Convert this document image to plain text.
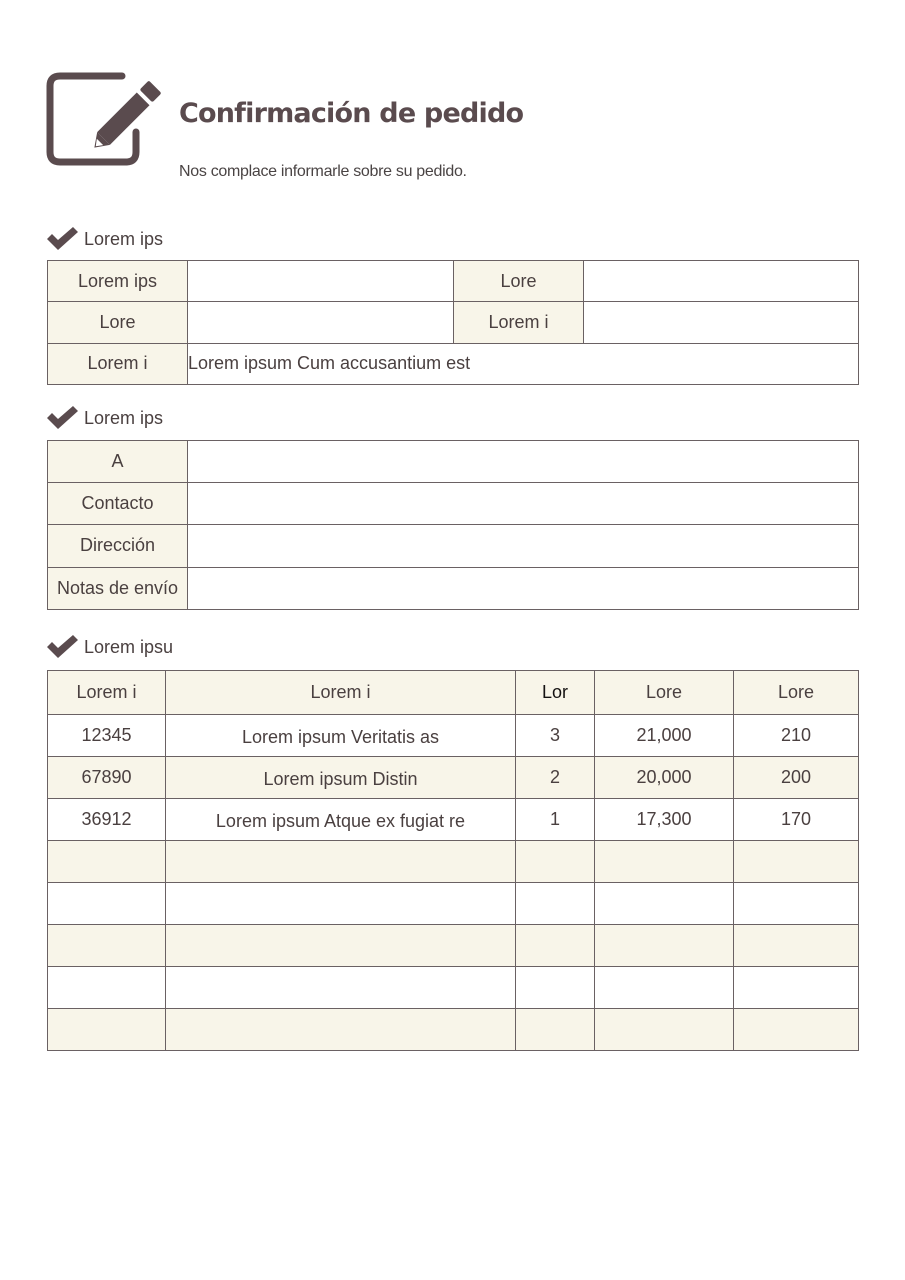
Confirmación de pedido
Nos complace informarle sobre su pedido.
Lorem ips
Lorem ips		Lore	
Lore		Lorem i	
Lorem i	Lorem ipsum Cum accusantium est		
Lorem ips
A	
Contacto	
Dirección	
Notas de envío	
Lorem ipsu
Lorem i	Lorem i	Lor	Lore	Lore
12345	Lorem ipsum Veritatis as	3	21,000	210
67890	Lorem ipsum Distin	2	20,000	200
36912	Lorem ipsum Atque ex fugiat re	1	17,300	170
